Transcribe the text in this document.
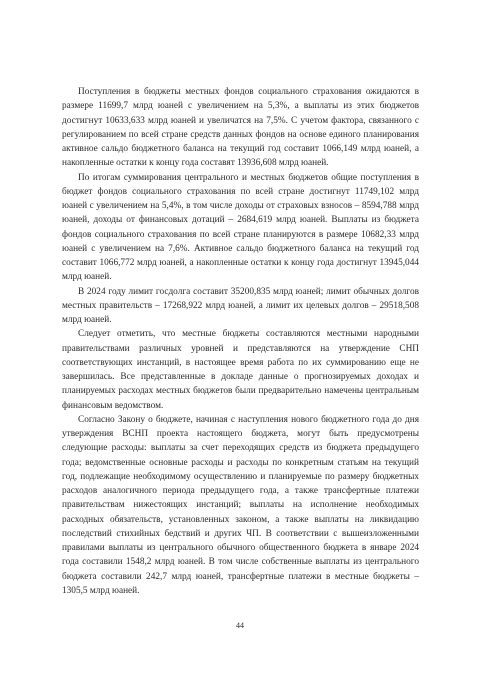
Поступления в бюджеты местных фондов социального страхования ожидаются в размере 11699,7 млрд юаней с увеличением на 5,3%, а выплаты из этих бюджетов достигнут 10633,633 млрд юаней и увеличатся на 7,5%. С учетом фактора, связанного с регулированием по всей стране средств данных фондов на основе единого планирования активное сальдо бюджетного баланса на текущий год составит 1066,149 млрд юаней, а накопленные остатки к концу года составят 13936,608 млрд юаней.

По итогам суммирования центрального и местных бюджетов общие поступления в бюджет фондов социального страхования по всей стране достигнут 11749,102 млрд юаней с увеличением на 5,4%, в том числе доходы от страховых взносов – 8594,788 млрд юаней, доходы от финансовых дотаций – 2684,619 млрд юаней. Выплаты из бюджета фондов социального страхования по всей стране планируются в размере 10682,33 млрд юаней с увеличением на 7,6%. Активное сальдо бюджетного баланса на текущий год составит 1066,772 млрд юаней, а накопленные остатки к концу года достигнут 13945,044 млрд юаней.

В 2024 году лимит госдолга составит 35200,835 млрд юаней; лимит обычных долгов местных правительств – 17268,922 млрд юаней, а лимит их целевых долгов – 29518,508 млрд юаней.

Следует отметить, что местные бюджеты составляются местными народными правительствами различных уровней и представляются на утверждение СНП соответствующих инстанций, в настоящее время работа по их суммированию еще не завершилась. Все представленные в докладе данные о прогнозируемых доходах и планируемых расходах местных бюджетов были предварительно намечены центральным финансовым ведомством.

Согласно Закону о бюджете, начиная с наступления нового бюджетного года до дня утверждения ВСНП проекта настоящего бюджета, могут быть предусмотрены следующие расходы: выплаты за счет переходящих средств из бюджета предыдущего года; ведомственные основные расходы и расходы по конкретным статьям на текущий год, подлежащие необходимому осуществлению и планируемые по размеру бюджетных расходов аналогичного периода предыдущего года, а также трансфертные платежи правительствам нижестоящих инстанций; выплаты на исполнение необходимых расходных обязательств, установленных законом, а также выплаты на ликвидацию последствий стихийных бедствий и других ЧП. В соответствии с вышеизложенными правилами выплаты из центрального обычного общественного бюджета в январе 2024 года составили 1548,2 млрд юаней. В том числе собственные выплаты из центрального бюджета составили 242,7 млрд юаней, трансфертные платежи в местные бюджеты – 1305,5 млрд юаней.

44
